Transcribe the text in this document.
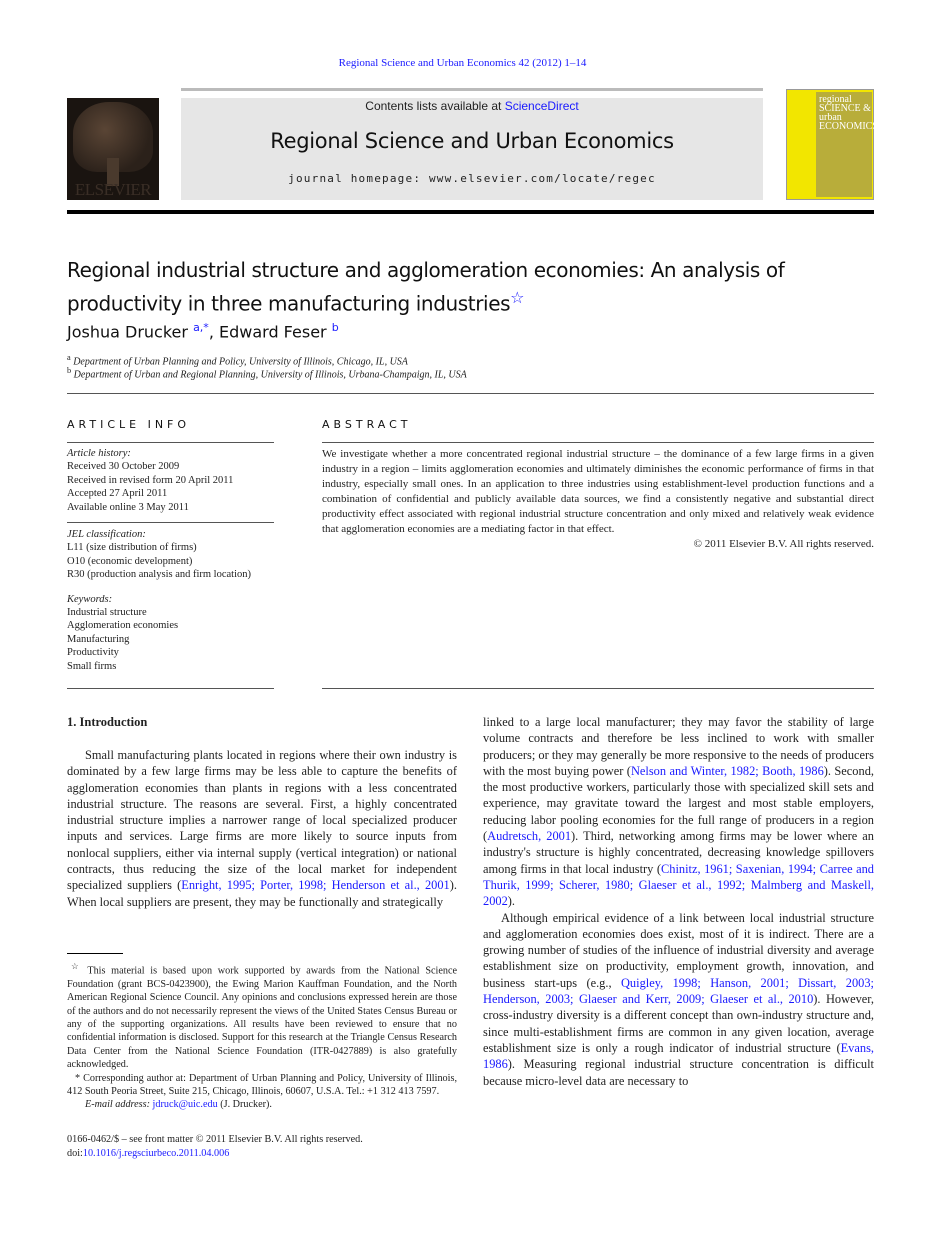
Regional Science and Urban Economics 42 (2012) 1–14
ELSEVIER
Contents lists available at ScienceDirect
Regional Science and Urban Economics
journal homepage: www.elsevier.com/locate/regec
regional SCIENCE & urban ECONOMICS
Regional industrial structure and agglomeration economies: An analysis of productivity in three manufacturing industries☆
Joshua Drucker $^{a,*}$, Edward Feser $^b$
$^a$ Department of Urban Planning and Policy, University of Illinois, Chicago, IL, USA
$^b$ Department of Urban and Regional Planning, University of Illinois, Urbana-Champaign, IL, USA
ARTICLE INFO	ABSTRACT
Article history:
Received 30 October 2009
Received in revised form 20 April 2011
Accepted 27 April 2011
Available online 3 May 2011
JEL classification:
L11 (size distribution of firms)
O10 (economic development)
R30 (production analysis and firm location)
Keywords:
Industrial structure
Agglomeration economies
Manufacturing
Productivity
Small firms
We investigate whether a more concentrated regional industrial structure – the dominance of a few large firms in a given industry in a region – limits agglomeration economies and ultimately diminishes the economic performance of firms in that industry, especially small ones. In an application to three industries using establishment-level production functions and a combination of confidential and publicly available data sources, we find a consistently negative and substantial direct productivity effect associated with regional industrial structure concentration and only mixed and relatively weak evidence that agglomeration economies are a mediating factor in that effect.
© 2011 Elsevier B.V. All rights reserved.
1. Introduction

Small manufacturing plants located in regions where their own industry is dominated by a few large firms may be less able to capture the benefits of agglomeration economies than plants in regions with a less concentrated industrial structure. The reasons are several. First, a highly concentrated industrial structure implies a narrower range of local specialized producer inputs and services. Large firms are more likely to source inputs from nonlocal suppliers, either via internal supply (vertical integration) or national contracts, thus reducing the size of the local market for independent specialized suppliers (Enright, 1995; Porter, 1998; Henderson et al., 2001). When local suppliers are present, they may be functionally and strategically

linked to a large local manufacturer; they may favor the stability of large volume contracts and therefore be less inclined to work with smaller producers; or they may generally be more responsive to the needs of producers with the most buying power (Nelson and Winter, 1982; Booth, 1986). Second, the most productive workers, particularly those with specialized skill sets and experience, may gravitate toward the largest and most stable employers, reducing labor pooling economies for the full range of producers in a region (Audretsch, 2001). Third, networking among firms may be lower where an industry's structure is highly concentrated, decreasing knowledge spillovers among firms in that local industry (Chinitz, 1961; Saxenian, 1994; Carree and Thurik, 1999; Scherer, 1980; Glaeser et al., 1992; Malmberg and Maskell, 2002).

Although empirical evidence of a link between local industrial structure and agglomeration economies does exist, most of it is indirect. There are a growing number of studies of the influence of industrial diversity and average establishment size on productivity, employment growth, innovation, and business start-ups (e.g., Quigley, 1998; Hanson, 2001; Dissart, 2003; Henderson, 2003; Glaeser and Kerr, 2009; Glaeser et al., 2010). However, cross-industry diversity is a different concept than own-industry structure and, since multi-establishment firms are common in any given location, average establishment size is only a rough indicator of industrial structure (Evans, 1986). Measuring regional industrial structure concentration is difficult because micro-level data are necessary to

☆ This material is based upon work supported by awards from the National Science Foundation (grant BCS-0423900), the Ewing Marion Kauffman Foundation, and the North American Regional Science Council. Any opinions and conclusions expressed herein are those of the authors and do not necessarily represent the views of the United States Census Bureau or any of the supporting organizations. All results have been reviewed to ensure that no confidential information is disclosed. Support for this research at the Triangle Census Research Data Center from the National Science Foundation (ITR-0427889) is also gratefully acknowledged.

* Corresponding author at: Department of Urban Planning and Policy, University of Illinois, 412 South Peoria Street, Suite 215, Chicago, Illinois, 60607, U.S.A. Tel.: +1 312 413 7597.

E-mail address: jdruck@uic.edu (J. Drucker).

0166-0462/$ – see front matter © 2011 Elsevier B.V. All rights reserved.
doi:10.1016/j.regsciurbeco.2011.04.006
